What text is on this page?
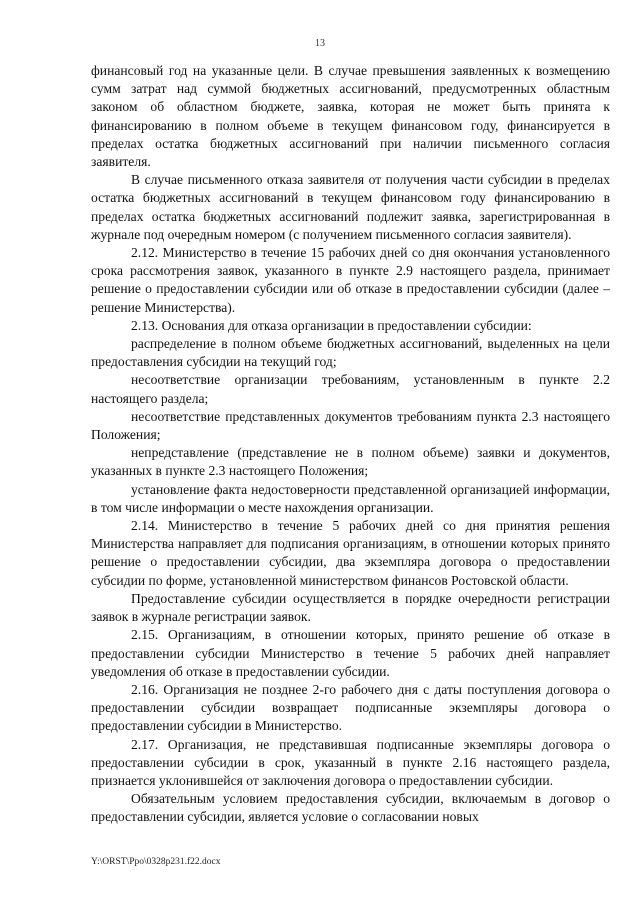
13

финансовый год на указанные цели. В случае превышения заявленных к возмещению сумм затрат над суммой бюджетных ассигнований, предусмотренных областным законом об областном бюджете, заявка, которая не может быть принята к финансированию в полном объеме в текущем финансовом году, финансируется в пределах остатка бюджетных ассигнований при наличии письменного согласия заявителя.

В случае письменного отказа заявителя от получения части субсидии в пределах остатка бюджетных ассигнований в текущем финансовом году финансированию в пределах остатка бюджетных ассигнований подлежит заявка, зарегистрированная в журнале под очередным номером (с получением письменного согласия заявителя).

2.12. Министерство в течение 15 рабочих дней со дня окончания установленного срока рассмотрения заявок, указанного в пункте 2.9 настоящего раздела, принимает решение о предоставлении субсидии или об отказе в предоставлении субсидии (далее – решение Министерства).

2.13. Основания для отказа организации в предоставлении субсидии:

распределение в полном объеме бюджетных ассигнований, выделенных на цели предоставления субсидии на текущий год;

несоответствие организации требованиям, установленным в пункте 2.2 настоящего раздела;

несоответствие представленных документов требованиям пункта 2.3 настоящего Положения;

непредставление (представление не в полном объеме) заявки и документов, указанных в пункте 2.3 настоящего Положения;

установление факта недостоверности представленной организацией информации, в том числе информации о месте нахождения организации.

2.14. Министерство в течение 5 рабочих дней со дня принятия решения Министерства направляет для подписания организациям, в отношении которых принято решение о предоставлении субсидии, два экземпляра договора о предоставлении субсидии по форме, установленной министерством финансов Ростовской области.

Предоставление субсидии осуществляется в порядке очередности регистрации заявок в журнале регистрации заявок.

2.15. Организациям, в отношении которых, принято решение об отказе в предоставлении субсидии Министерство в течение 5 рабочих дней направляет уведомления об отказе в предоставлении субсидии.

2.16. Организация не позднее 2-го рабочего дня с даты поступления договора о предоставлении субсидии возвращает подписанные экземпляры договора о предоставлении субсидии в Министерство.

2.17. Организация, не представившая подписанные экземпляры договора о предоставлении субсидии в срок, указанный в пункте 2.16 настоящего раздела, признается уклонившейся от заключения договора о предоставлении субсидии.

Обязательным условием предоставления субсидии, включаемым в договор о предоставлении субсидии, является условие о согласовании новых

Y:\ORST\Ppo\0328p231.f22.docx
